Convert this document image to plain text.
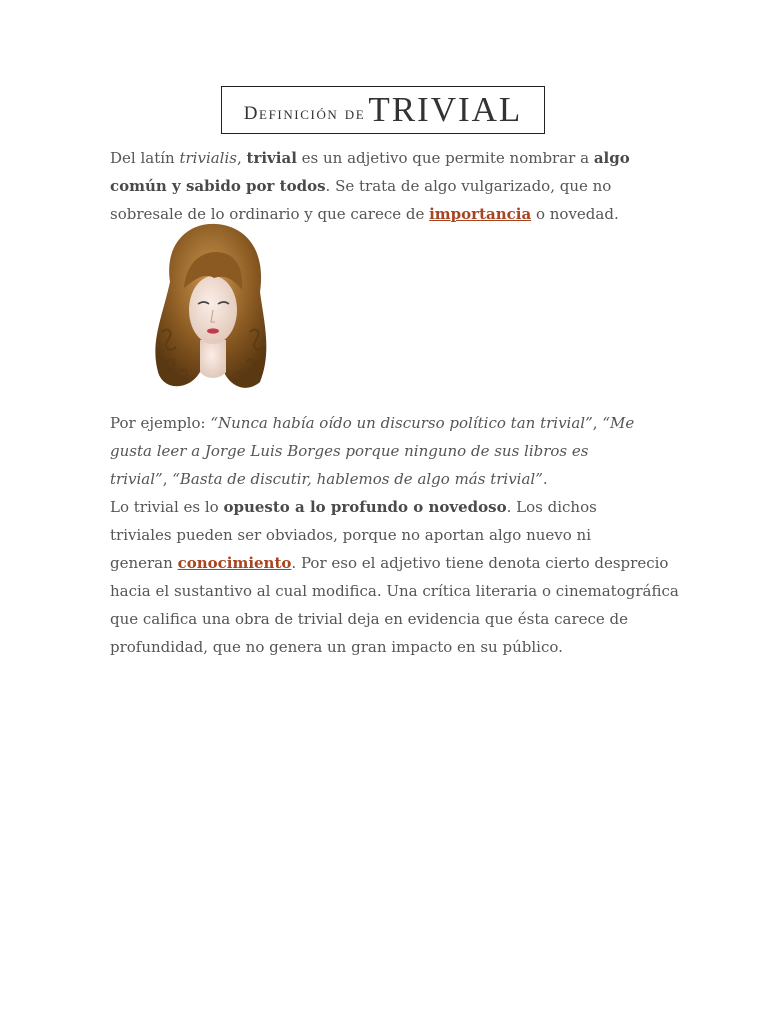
Definición de TRIVIAL
Del latín trivialis, trivial es un adjetivo que permite nombrar a algo
común y sabido por todos. Se trata de algo vulgarizado, que no
sobresale de lo ordinario y que carece de importancia o novedad.
Por ejemplo: “Nunca había oído un discurso político tan trivial”, “Me
gusta leer a Jorge Luis Borges porque ninguno de sus libros es
trivial”, “Basta de discutir, hablemos de algo más trivial”.
Lo trivial es lo opuesto a lo profundo o novedoso. Los dichos
triviales pueden ser obviados, porque no aportan algo nuevo ni
generan conocimiento. Por eso el adjetivo tiene denota cierto desprecio
hacia el sustantivo al cual modifica. Una crítica literaria o cinematográfica
que califica una obra de trivial deja en evidencia que ésta carece de
profundidad, que no genera un gran impacto en su público.
